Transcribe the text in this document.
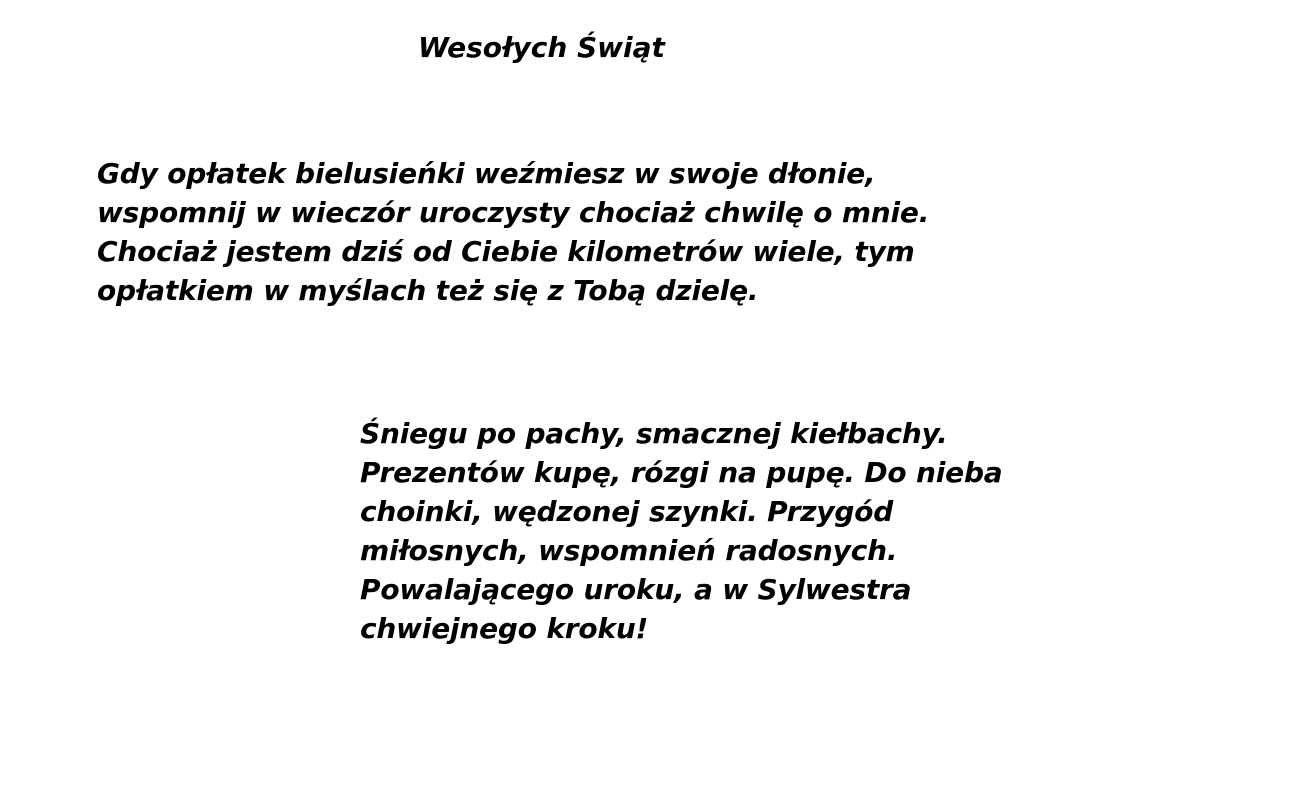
Wesołych Świąt

Gdy opłatek bielusieńki weźmiesz w swoje dłonie,
wspomnij w wieczór uroczysty chociaż chwilę o mnie.
Chociaż jestem dziś od Ciebie kilometrów wiele, tym
opłatkiem w myślach też się z Tobą dzielę.

Śniegu po pachy, smacznej kiełbachy.
Prezentów kupę, rózgi na pupę. Do nieba
choinki, wędzonej szynki. Przygód
miłosnych, wspomnień radosnych.
Powalającego uroku, a w Sylwestra
chwiejnego kroku!
